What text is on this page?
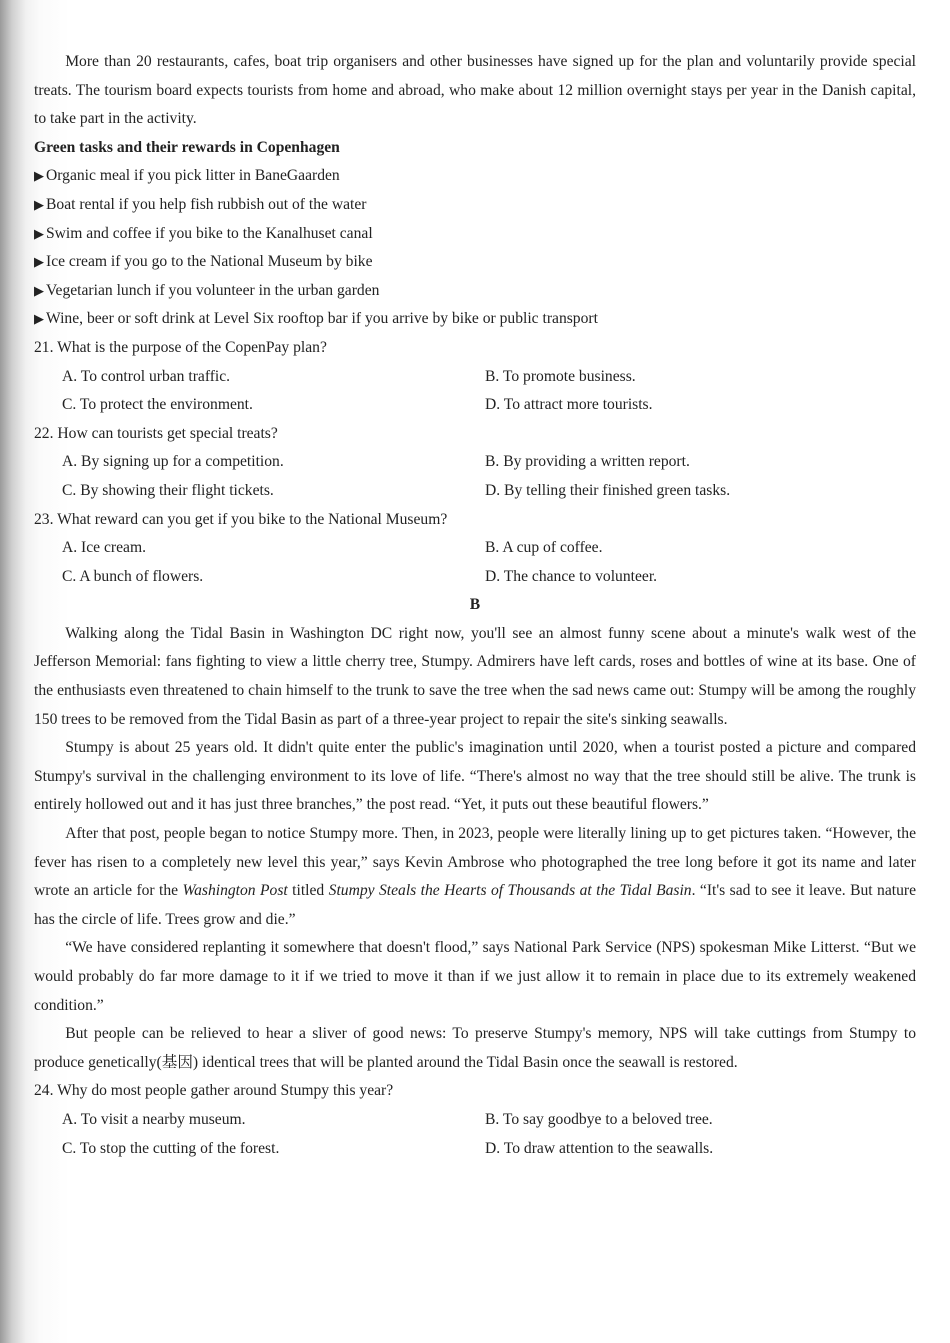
More than 20 restaurants, cafes, boat trip organisers and other businesses have signed up for the plan and voluntarily provide special treats. The tourism board expects tourists from home and abroad, who make about 12 million overnight stays per year in the Danish capital, to take part in the activity.

Green tasks and their rewards in Copenhagen
▶ Organic meal if you pick litter in BaneGaarden
▶ Boat rental if you help fish rubbish out of the water
▶ Swim and coffee if you bike to the Kanalhuset canal
▶ Ice cream if you go to the National Museum by bike
▶ Vegetarian lunch if you volunteer in the urban garden
▶ Wine, beer or soft drink at Level Six rooftop bar if you arrive by bike or public transport
21. What is the purpose of the CopenPay plan?
A. To control urban traffic.	B. To promote business.
C. To protect the environment.	D. To attract more tourists.
22. How can tourists get special treats?
A. By signing up for a competition.	B. By providing a written report.
C. By showing their flight tickets.	D. By telling their finished green tasks.
23. What reward can you get if you bike to the National Museum?
A. Ice cream.	B. A cup of coffee.
C. A bunch of flowers.	D. The chance to volunteer.
B

Walking along the Tidal Basin in Washington DC right now, you'll see an almost funny scene about a minute's walk west of the Jefferson Memorial: fans fighting to view a little cherry tree, Stumpy. Admirers have left cards, roses and bottles of wine at its base. One of the enthusiasts even threatened to chain himself to the trunk to save the tree when the sad news came out: Stumpy will be among the roughly 150 trees to be removed from the Tidal Basin as part of a three-year project to repair the site's sinking seawalls.

Stumpy is about 25 years old. It didn't quite enter the public's imagination until 2020, when a tourist posted a picture and compared Stumpy's survival in the challenging environment to its love of life. “There's almost no way that the tree should still be alive. The trunk is entirely hollowed out and it has just three branches,” the post read. “Yet, it puts out these beautiful flowers.”

After that post, people began to notice Stumpy more. Then, in 2023, people were literally lining up to get pictures taken. “However, the fever has risen to a completely new level this year,” says Kevin Ambrose who photographed the tree long before it got its name and later wrote an article for the Washington Post titled Stumpy Steals the Hearts of Thousands at the Tidal Basin. “It's sad to see it leave. But nature has the circle of life. Trees grow and die.”

“We have considered replanting it somewhere that doesn't flood,” says National Park Service (NPS) spokesman Mike Litterst. “But we would probably do far more damage to it if we tried to move it than if we just allow it to remain in place due to its extremely weakened condition.”

But people can be relieved to hear a sliver of good news: To preserve Stumpy's memory, NPS will take cuttings from Stumpy to produce genetically(基因) identical trees that will be planted around the Tidal Basin once the seawall is restored.

24. Why do most people gather around Stumpy this year?
A. To visit a nearby museum.	B. To say goodbye to a beloved tree.
C. To stop the cutting of the forest.	D. To draw attention to the seawalls.
